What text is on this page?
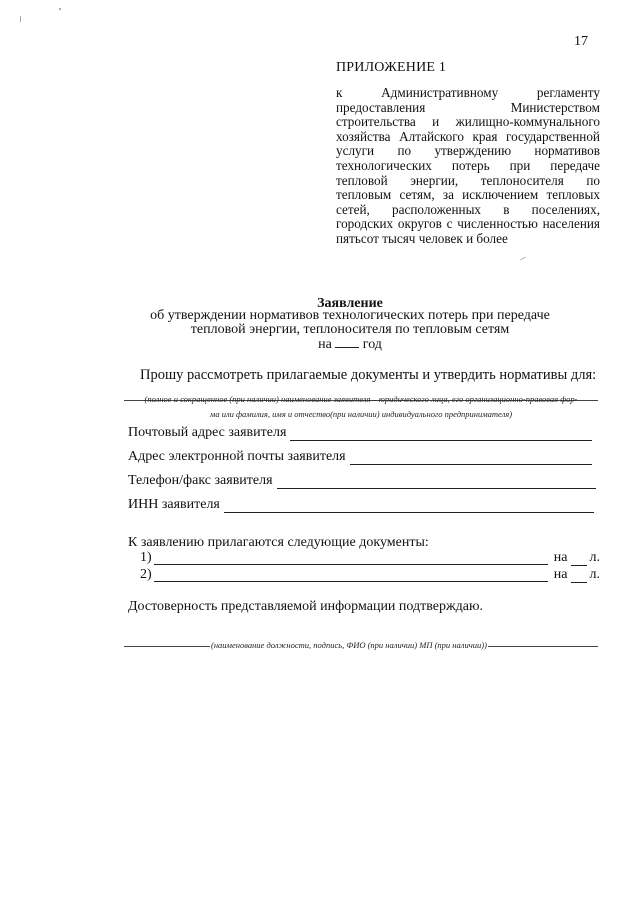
17
ПРИЛОЖЕНИЕ 1
к Административному регламенту предоставления Министерством строительства и жилищно-коммунального хозяйства Алтайского края государственной услуги по утверждению нормативов технологических потерь при передаче тепловой энергии, теплоносителя по тепловым сетям, за исключением тепловых сетей, расположенных в поселениях, городских округов с численностью населения пятьсот тысяч человек и более
Заявление
об утверждении нормативов технологических потерь при передаче
тепловой энергии, теплоносителя по тепловым сетям
на год
Прошу рассмотреть прилагаемые документы и утвердить нормативы для:
(полное и сокращенное (при наличии) наименование заявителя – юридического лица, его организационно-правовая фор-
ма или фамилия, имя и отчество(при наличии) индивидуального предпринимателя)
Почтовый адрес заявителя
Адрес электронной почты заявителя
Телефон/факс заявителя
ИНН заявителя
К заявлению прилагаются следующие документы:
1)	на л.
2)	на л.
Достоверность представляемой информации подтверждаю.
(наименование должности, подпись, ФИО (при наличии) МП (при наличии))
